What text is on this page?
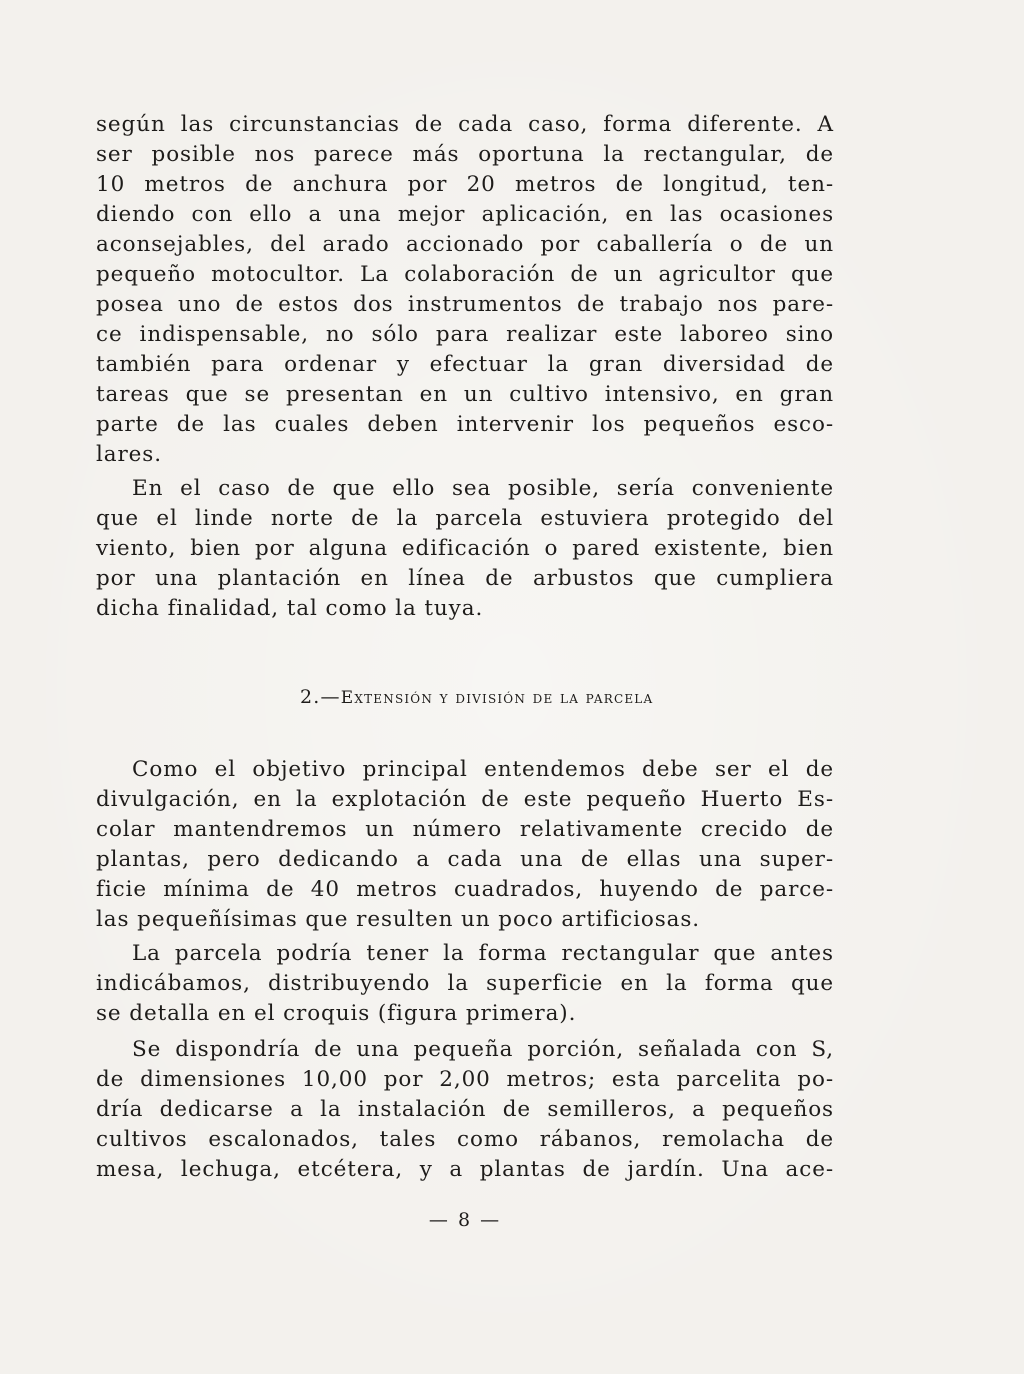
según las circunstancias de cada caso, forma diferente. A
ser posible nos parece más oportuna la rectangular, de
10 metros de anchura por 20 metros de longitud, ten-
diendo con ello a una mejor aplicación, en las ocasiones
aconsejables, del arado accionado por caballería o de un
pequeño motocultor. La colaboración de un agricultor que
posea uno de estos dos instrumentos de trabajo nos pare-
ce indispensable, no sólo para realizar este laboreo sino
también para ordenar y efectuar la gran diversidad de
tareas que se presentan en un cultivo intensivo, en gran
parte de las cuales deben intervenir los pequeños esco-
lares.
En el caso de que ello sea posible, sería conveniente
que el linde norte de la parcela estuviera protegido del
viento, bien por alguna edificación o pared existente, bien
por una plantación en línea de arbustos que cumpliera
dicha finalidad, tal como la tuya.
2.—Extensión y división de la parcela
Como el objetivo principal entendemos debe ser el de
divulgación, en la explotación de este pequeño Huerto Es-
colar mantendremos un número relativamente crecido de
plantas, pero dedicando a cada una de ellas una super-
ficie mínima de 40 metros cuadrados, huyendo de parce-
las pequeñísimas que resulten un poco artificiosas.
La parcela podría tener la forma rectangular que antes
indicábamos, distribuyendo la superficie en la forma que
se detalla en el croquis (figura primera).
Se dispondría de una pequeña porción, señalada con S,
de dimensiones 10,00 por 2,00 metros; esta parcelita po-
dría dedicarse a la instalación de semilleros, a pequeños
cultivos escalonados, tales como rábanos, remolacha de
mesa, lechuga, etcétera, y a plantas de jardín. Una ace-
— 8 —
